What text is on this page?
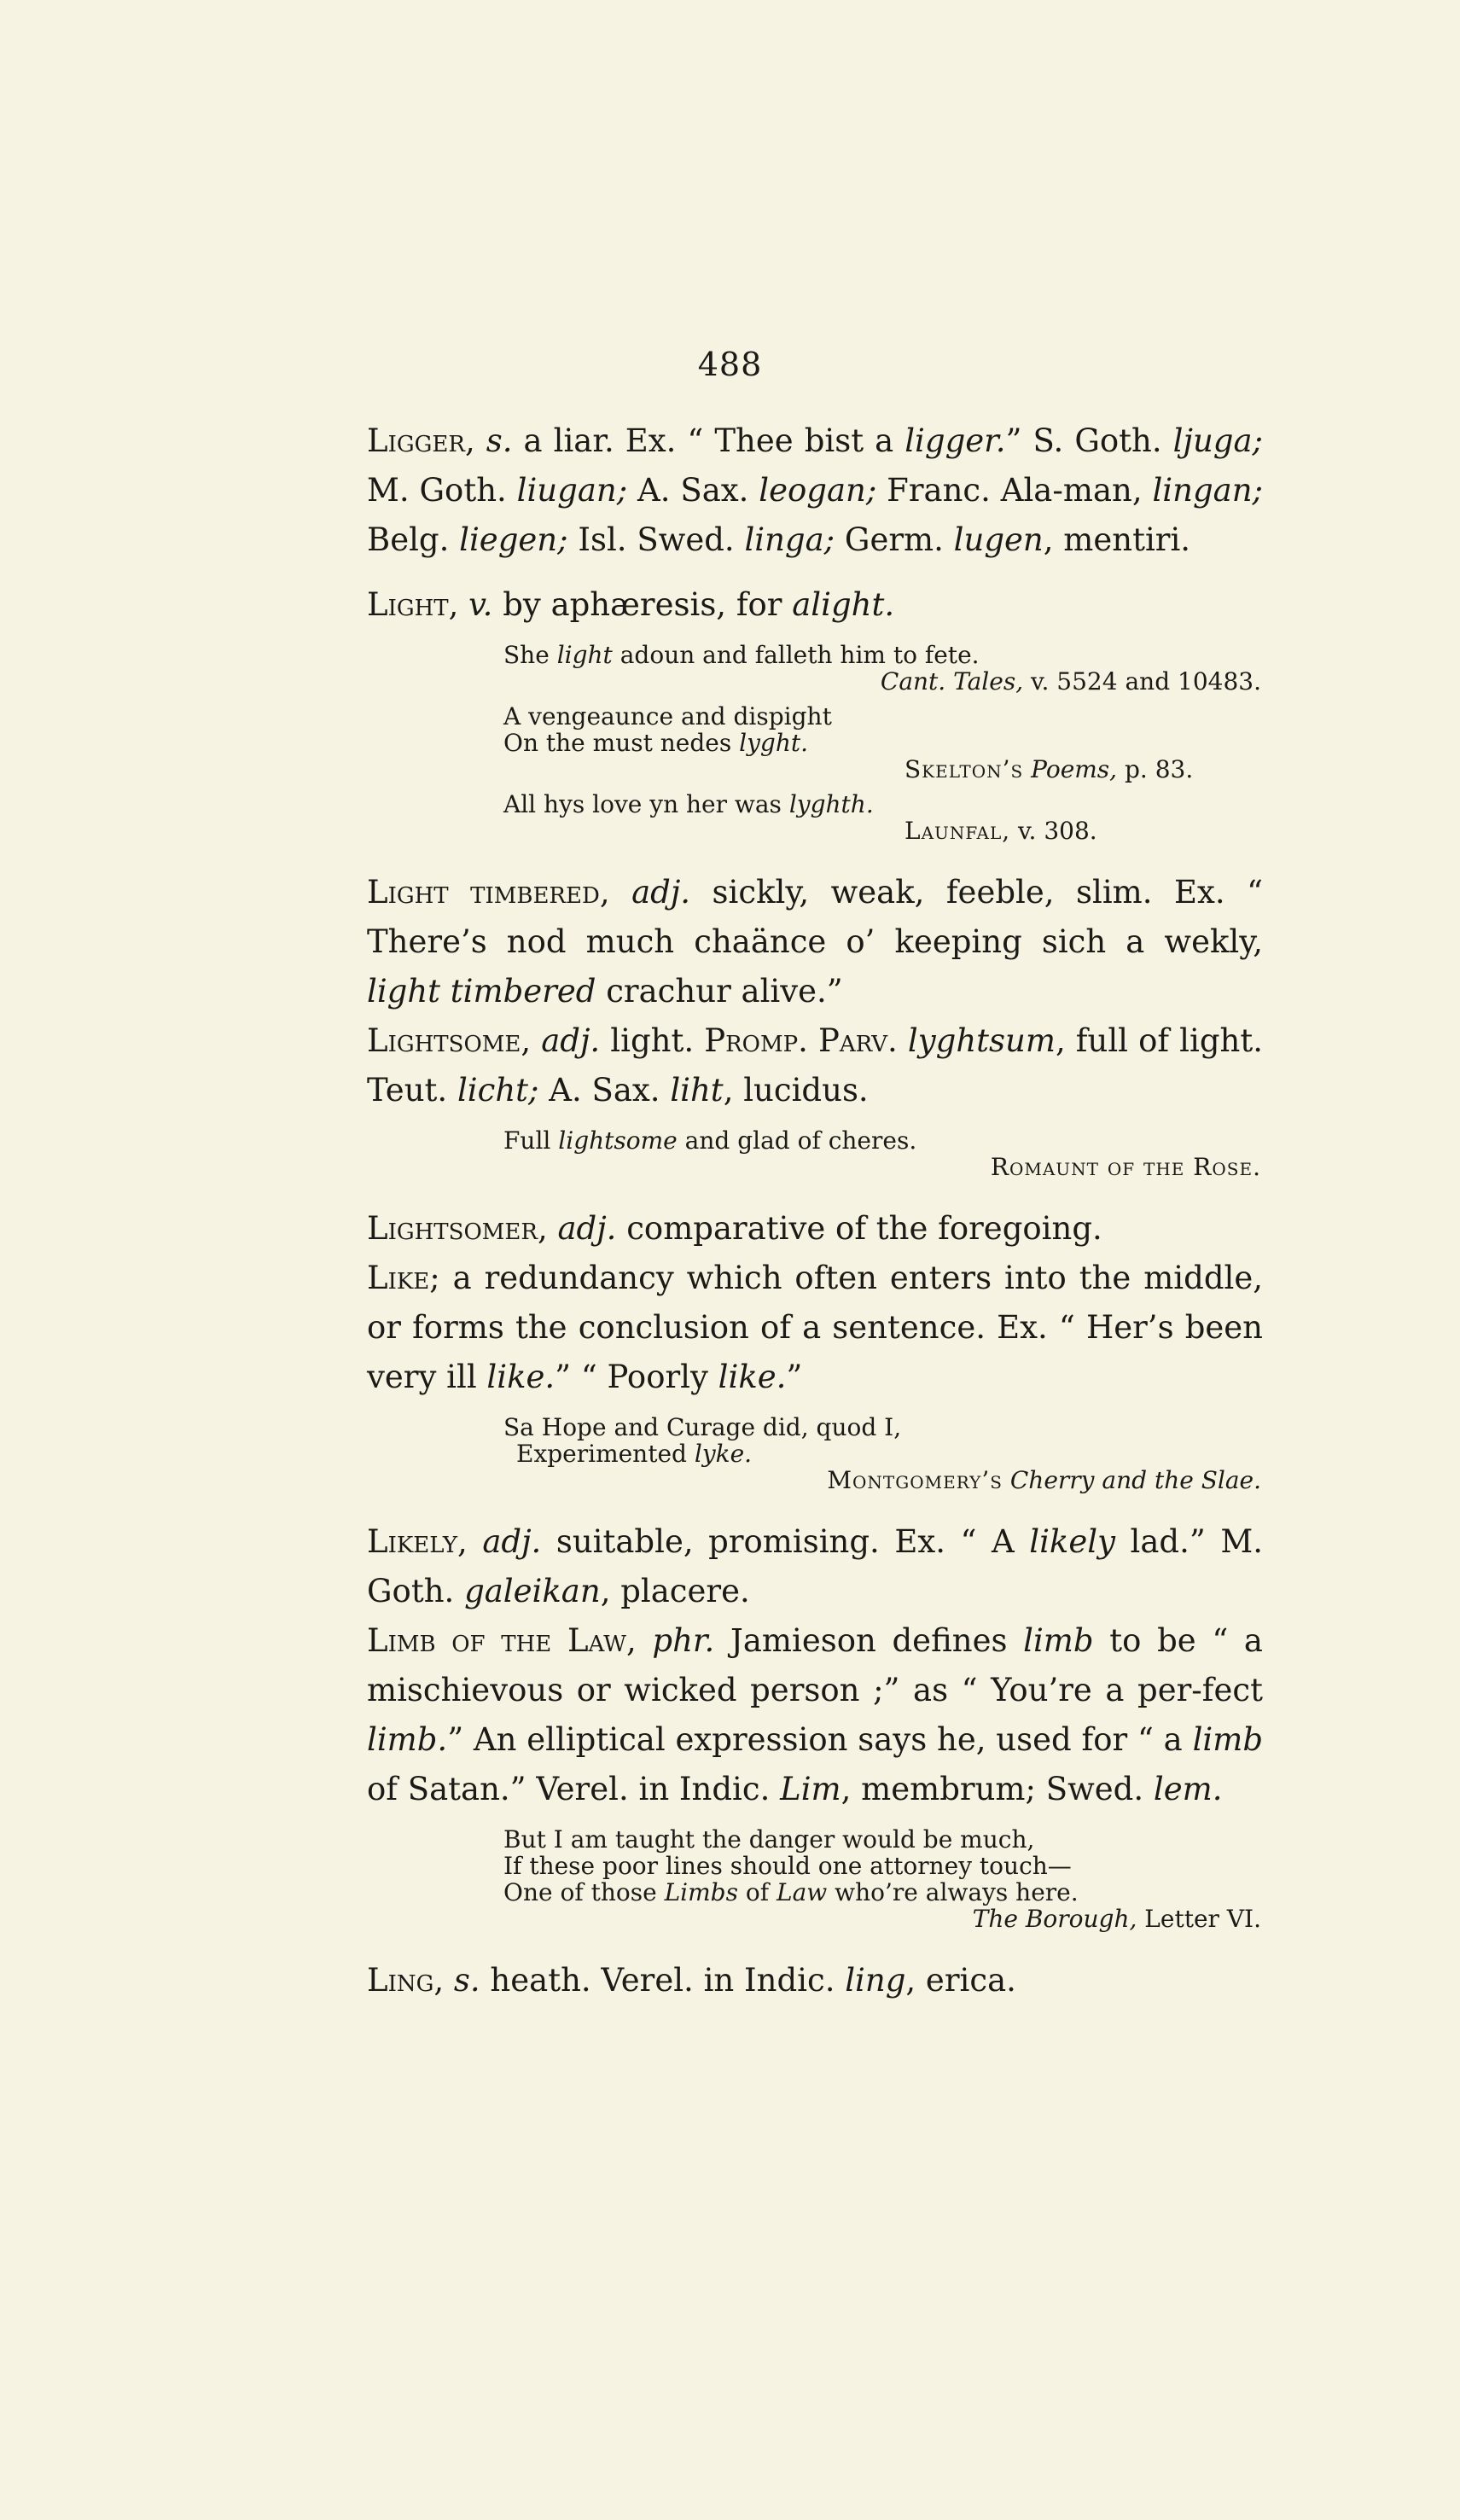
488

Ligger, s. a liar. Ex. “ Thee bist a ligger.” S. Goth. ljuga; M. Goth. liugan; A. Sax. leogan; Franc. Ala-man, lingan; Belg. liegen; Isl. Swed. linga; Germ. lugen, mentiri.

Light, v. by aphæresis, for alight.

She light adoun and falleth him to fete.

Cant. Tales, v. 5524 and 10483.

A vengeaunce and dispight

On the must nedes lyght.

Skelton’s Poems, p. 83.

All hys love yn her was lyghth.

Launfal, v. 308.

Light timbered, adj. sickly, weak, feeble, slim. Ex. “ There’s nod much chaänce o’ keeping sich a wekly, light timbered crachur alive.”

Lightsome, adj. light. Promp. Parv. lyghtsum, full of light. Teut. licht; A. Sax. liht, lucidus.

Full lightsome and glad of cheres.

Romaunt of the Rose.

Lightsomer, adj. comparative of the foregoing.

Like; a redundancy which often enters into the middle, or forms the conclusion of a sentence. Ex. “ Her’s been very ill like.” “ Poorly like.”

Sa Hope and Curage did, quod I,

Experimented lyke.

Montgomery’s Cherry and the Slae.

Likely, adj. suitable, promising. Ex. “ A likely lad.” M. Goth. galeikan, placere.

Limb of the Law, phr. Jamieson defines limb to be “ a mischievous or wicked person ;” as “ You’re a per-fect limb.” An elliptical expression says he, used for “ a limb of Satan.” Verel. in Indic. Lim, membrum; Swed. lem.

But I am taught the danger would be much,

If these poor lines should one attorney touch—

One of those Limbs of Law who’re always here.

The Borough, Letter VI.

Ling, s. heath. Verel. in Indic. ling, erica.
